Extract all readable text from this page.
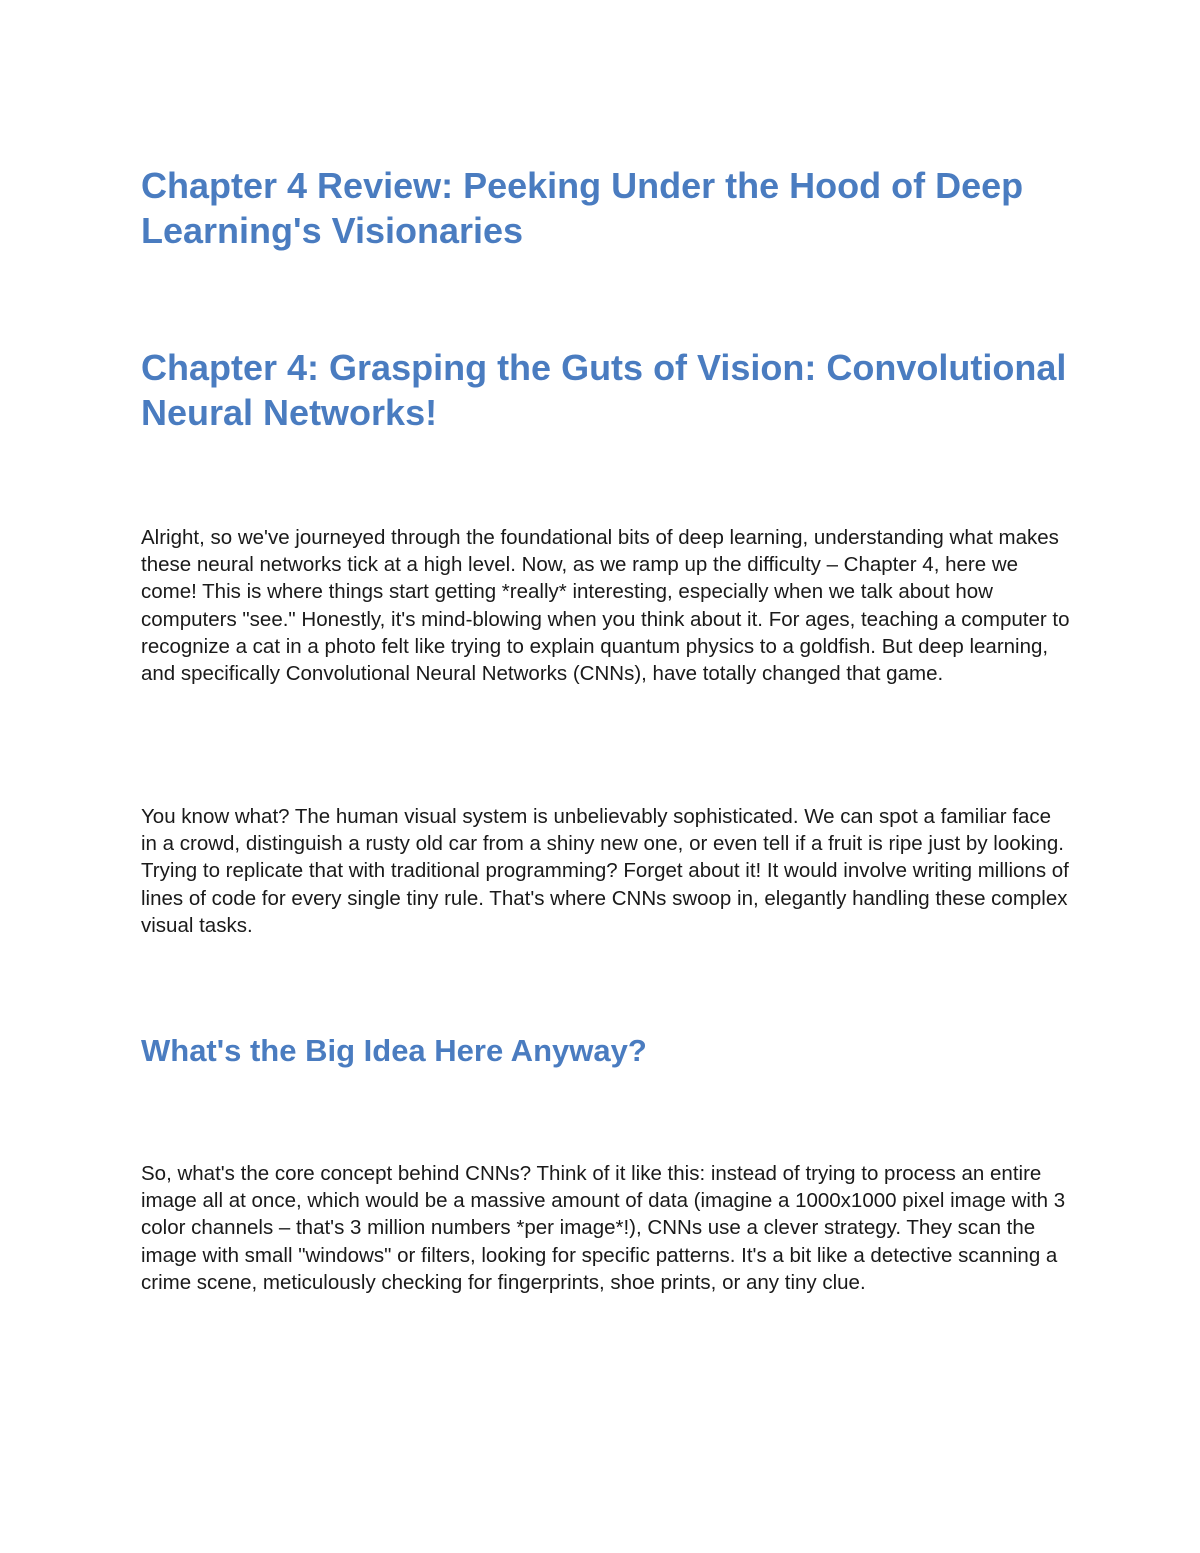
Chapter 4 Review: Peeking Under the Hood of Deep Learning's Visionaries
Chapter 4: Grasping the Guts of Vision: Convolutional Neural Networks!

Alright, so we've journeyed through the foundational bits of deep learning, understanding what makes these neural networks tick at a high level. Now, as we ramp up the difficulty – Chapter 4, here we come! This is where things start getting *really* interesting, especially when we talk about how computers "see." Honestly, it's mind-blowing when you think about it. For ages, teaching a computer to recognize a cat in a photo felt like trying to explain quantum physics to a goldfish. But deep learning, and specifically Convolutional Neural Networks (CNNs), have totally changed that game.

You know what? The human visual system is unbelievably sophisticated. We can spot a familiar face in a crowd, distinguish a rusty old car from a shiny new one, or even tell if a fruit is ripe just by looking. Trying to replicate that with traditional programming? Forget about it! It would involve writing millions of lines of code for every single tiny rule. That's where CNNs swoop in, elegantly handling these complex visual tasks.

What's the Big Idea Here Anyway?

So, what's the core concept behind CNNs? Think of it like this: instead of trying to process an entire image all at once, which would be a massive amount of data (imagine a 1000x1000 pixel image with 3 color channels – that's 3 million numbers *per image*!), CNNs use a clever strategy. They scan the image with small "windows" or filters, looking for specific patterns. It's a bit like a detective scanning a crime scene, meticulously checking for fingerprints, shoe prints, or any tiny clue.
